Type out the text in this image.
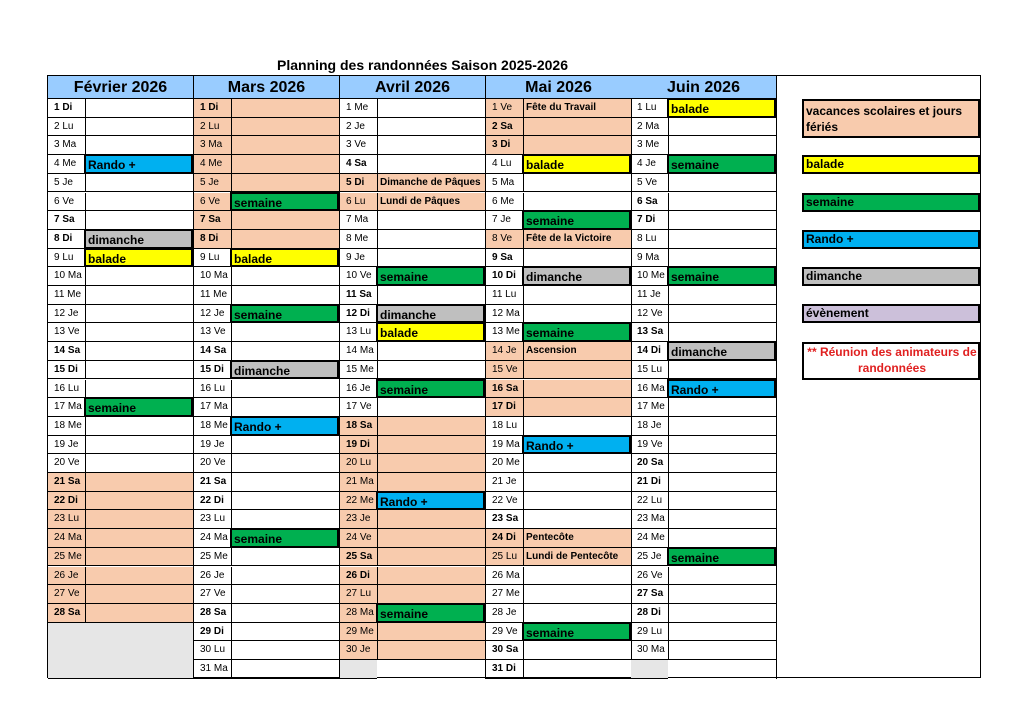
Planning des randonnées Saison 2025-2026
Février 2026
1 Di
2 Lu
3 Ma
4 Me Rando +
5 Je
6 Ve
7 Sa
8 Di	dimanche
9 Lu	balade
10 Ma
11 Me
12 Je
13 Ve
14 Sa
15 Di
16 Lu
17 Ma semaine
18 Me
19 Je
20 Ve
21 Sa
22 Di
23 Lu
24 Ma
25 Me
26 Je
27 Ve
28 Sa
Mars 2026
1 Di
2 Lu
3 Ma
4 Me
5 Je
6 Ve	semaine
7 Sa
8 Di
9 Lu	balade
10 Ma
11 Me
12 Je semaine
13 Ve
14 Sa
15 Di dimanche
16 Lu
17 Ma
18 Me Rando +
19 Je
20 Ve
21 Sa
22 Di
23 Lu
24 Ma semaine
25 Me
26 Je
27 Ve
28 Sa
29 Di
30 Lu
31 Ma
Avril 2026
1 Me
2 Je
3 Ve
4 Sa
5 Di	Dimanche de Pâques
6 Lu	Lundi de Pâques
7 Ma
8 Me
9 Je
10 Ve semaine
11 Sa
12 Di dimanche
13 Lu balade
14 Ma
15 Me
16 Je semaine
17 Ve
18 Sa
19 Di
20 Lu
21 Ma
22 Me Rando +
23 Je
24 Ve
25 Sa
26 Di
27 Lu
28 Ma semaine
29 Me
30 Je
Mai 2026
1 Ve	Fête du Travail
2 Sa
3 Di
4 Lu	balade
5 Ma
6 Me
7 Je	semaine
8 Ve	Fête de la Victoire
9 Sa
10 Di dimanche
11 Lu
12 Ma
13 Me semaine
14 Je Ascension
15 Ve
16 Sa
17 Di
18 Lu
19 Ma Rando +
20 Me
21 Je
22 Ve
23 Sa
24 Di	Pentecôte
25 Lu Lundi de Pentecôte
26 Ma
27 Me
28 Je
29 Ve semaine
30 Sa
31 Di
Juin 2026
1 Lu	balade
2 Ma
3 Me
4 Je	semaine
5 Ve
6 Sa
7 Di
8 Lu
9 Ma
10 Me semaine
11 Je
12 Ve
13 Sa
14 Di dimanche
15 Lu
16 Ma Rando +
17 Me
18 Je
19 Ve
20 Sa
21 Di
22 Lu
23 Ma
24 Me
25 Je semaine
26 Ve
27 Sa
28 Di
29 Lu
30 Ma
vacances scolaires et jours fériés
balade
semaine
Rando +
dimanche
évènement
** Réunion des animateurs de randonnées
